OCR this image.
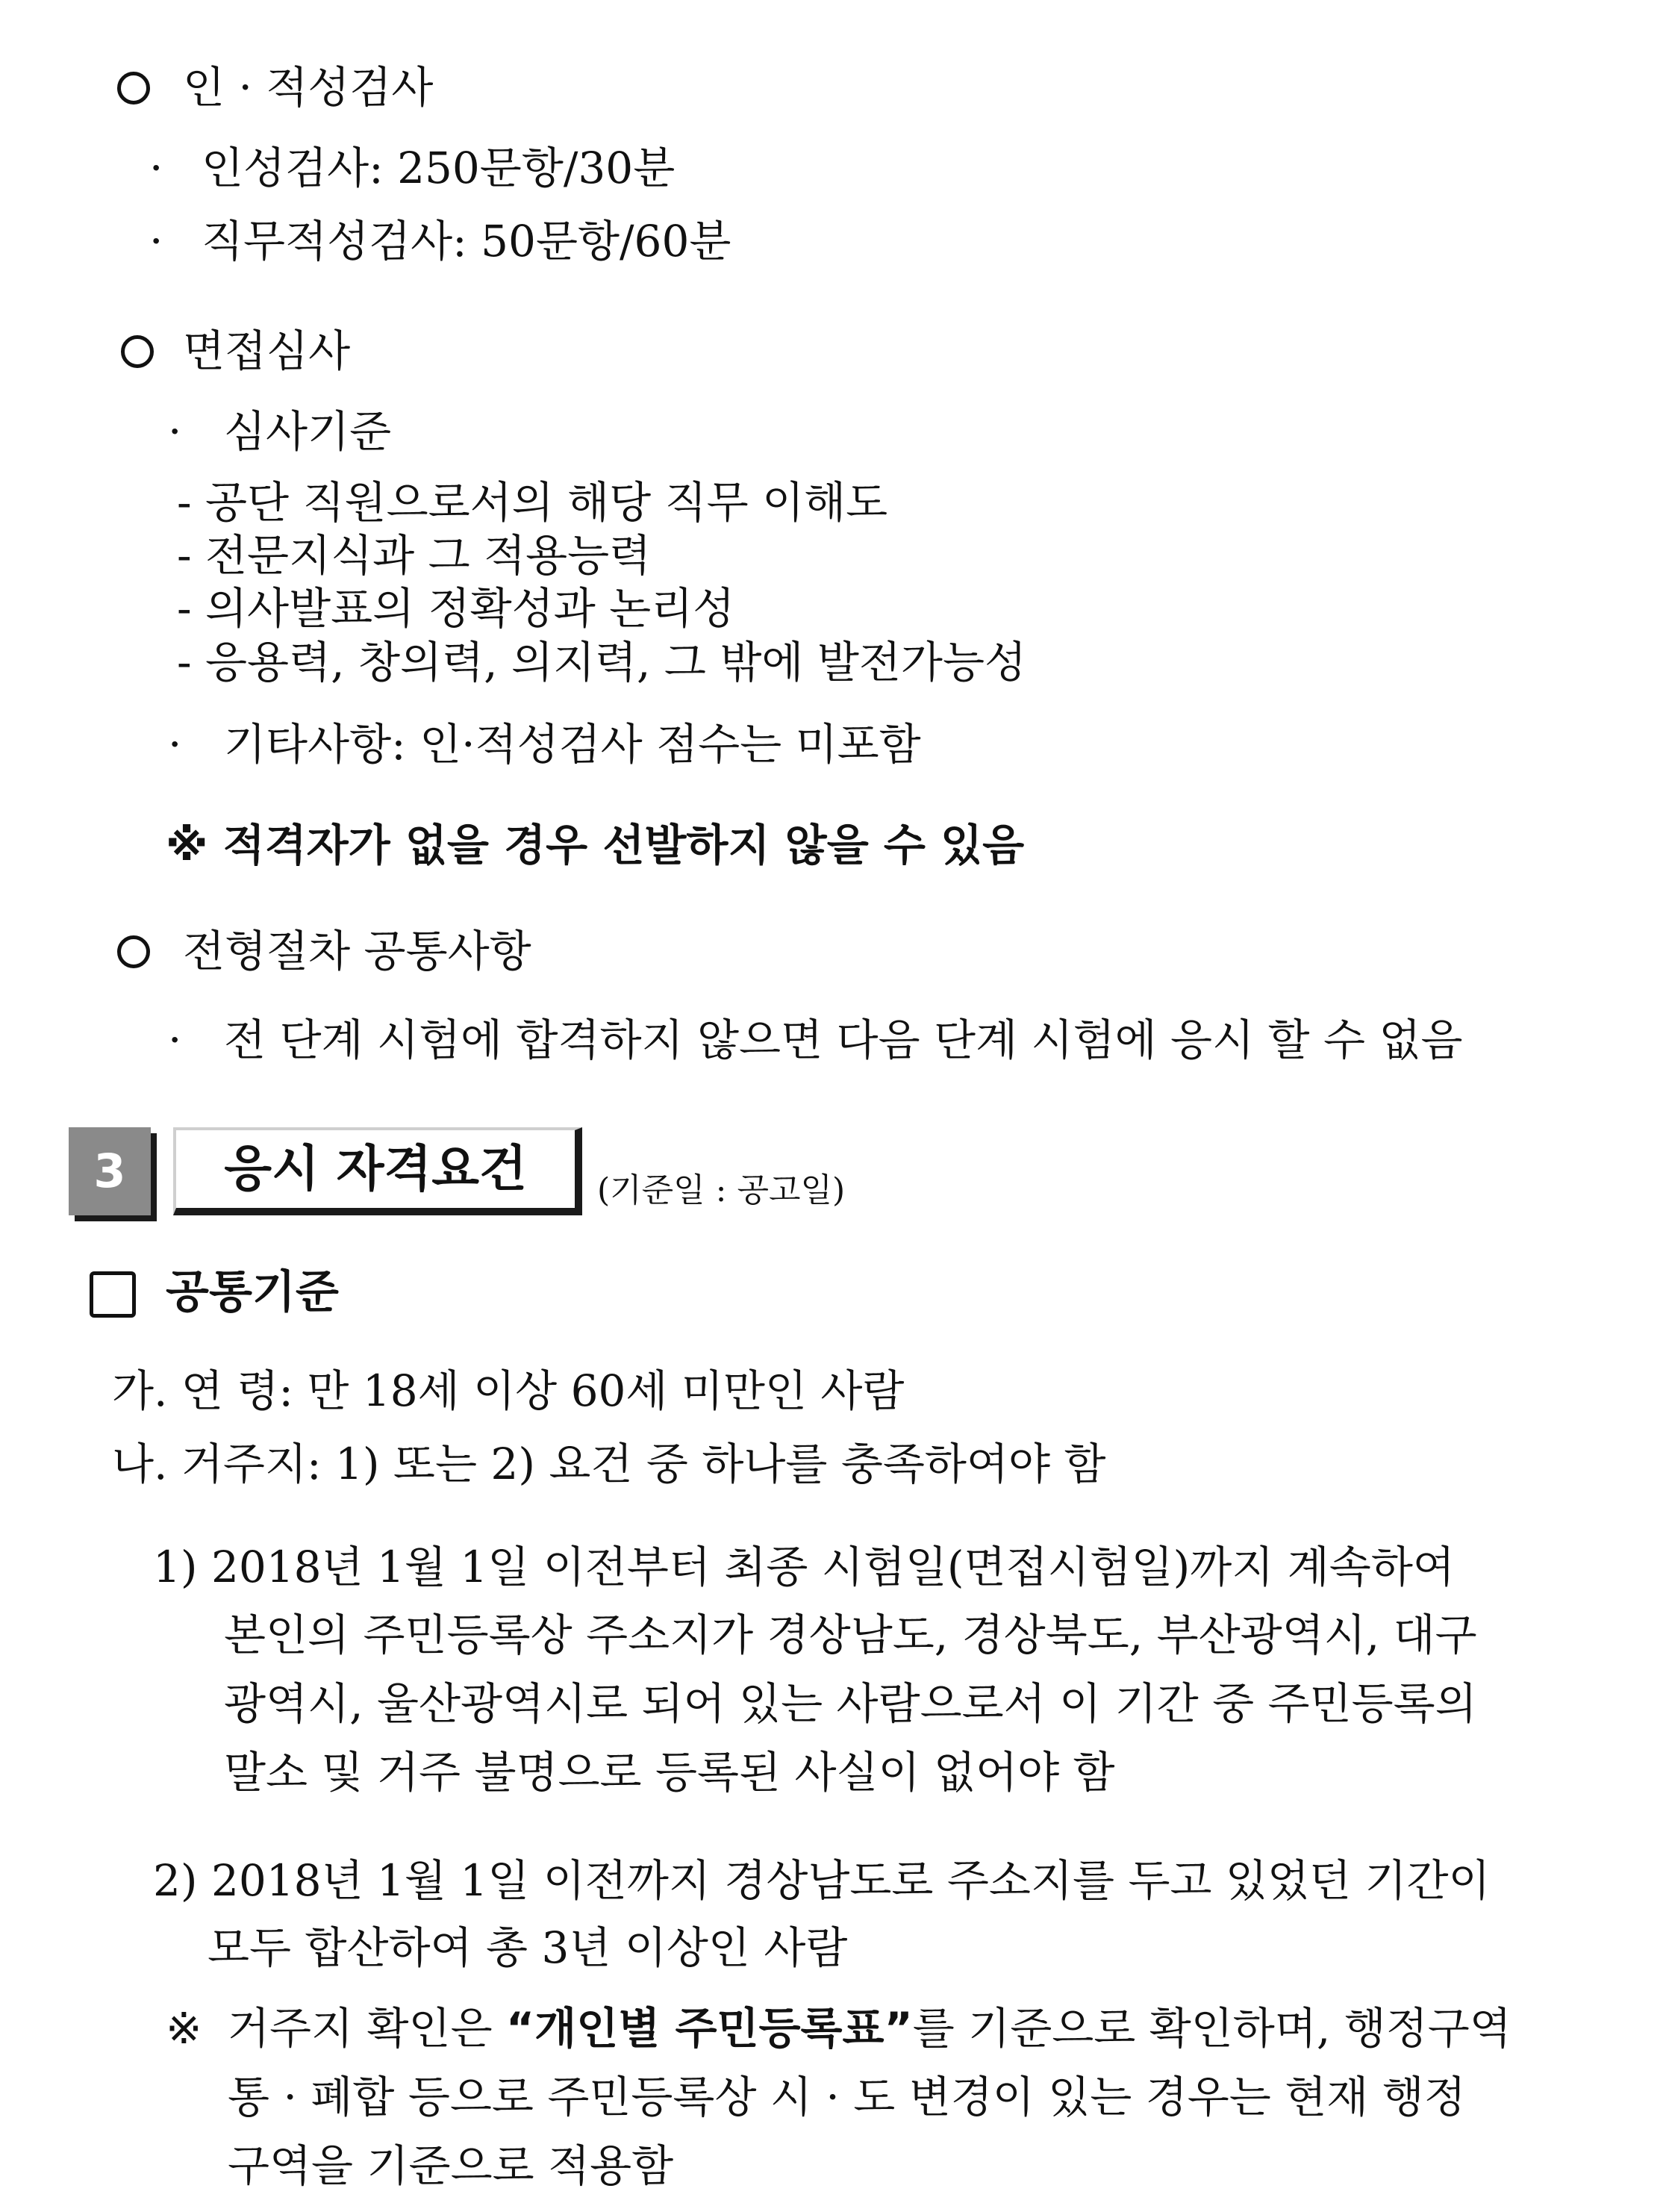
인 · 적성검사
· 인성검사: 250문항/30분
· 직무적성검사: 50문항/60분
면접심사
· 심사기준
- 공단 직원으로서의 해당 직무 이해도
- 전문지식과 그 적용능력
- 의사발표의 정확성과 논리성
- 응용력, 창의력, 의지력, 그 밖에 발전가능성
· 기타사항: 인·적성검사 점수는 미포함
※ 적격자가 없을 경우 선발하지 않을 수 있음
전형절차 공통사항
· 전 단계 시험에 합격하지 않으면 다음 단계 시험에 응시 할 수 없음
3	응시 자격요건	(기준일 : 공고일)
공통기준
가. 연 령: 만 18세 이상 60세 미만인 사람
나. 거주지: 1) 또는 2) 요건 중 하나를 충족하여야 함
1) 2018년 1월 1일 이전부터 최종 시험일(면접시험일)까지 계속하여
본인의 주민등록상 주소지가 경상남도, 경상북도, 부산광역시, 대구
광역시, 울산광역시로 되어 있는 사람으로서 이 기간 중 주민등록의
말소 및 거주 불명으로 등록된 사실이 없어야 함
2) 2018년 1월 1일 이전까지 경상남도로 주소지를 두고 있었던 기간이
모두 합산하여 총 3년 이상인 사람
※ 거주지 확인은 “개인별 주민등록표”를 기준으로 확인하며, 행정구역
통 · 폐합 등으로 주민등록상 시 · 도 변경이 있는 경우는 현재 행정
구역을 기준으로 적용함
